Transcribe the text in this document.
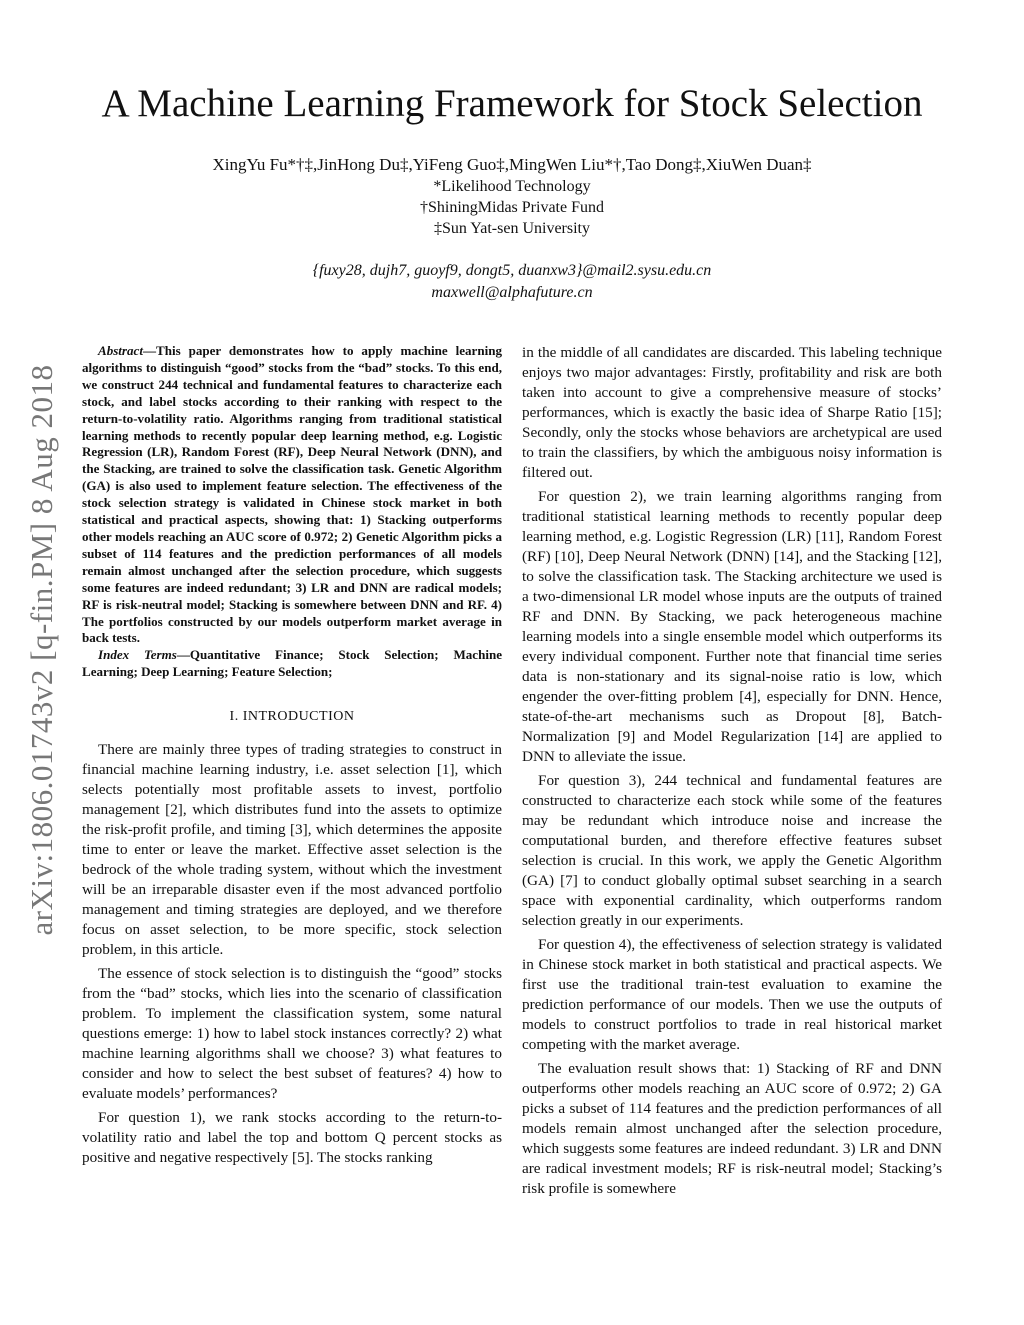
arXiv:1806.01743v2 [q-fin.PM] 8 Aug 2018
A Machine Learning Framework for Stock Selection
XingYu Fu*†‡,JinHong Du‡,YiFeng Guo‡,MingWen Liu*†,Tao Dong‡,XiuWen Duan‡
*Likelihood Technology
†ShiningMidas Private Fund
‡Sun Yat-sen University
{fuxy28, dujh7, guoyf9, dongt5, duanxw3}@mail2.sysu.edu.cn
maxwell@alphafuture.cn

Abstract—This paper demonstrates how to apply machine learning algorithms to distinguish “good” stocks from the “bad” stocks. To this end, we construct 244 technical and fundamental features to characterize each stock, and label stocks according to their ranking with respect to the return-to-volatility ratio. Algorithms ranging from traditional statistical learning methods to recently popular deep learning method, e.g. Logistic Regression (LR), Random Forest (RF), Deep Neural Network (DNN), and the Stacking, are trained to solve the classification task. Genetic Algorithm (GA) is also used to implement feature selection. The effectiveness of the stock selection strategy is validated in Chinese stock market in both statistical and practical aspects, showing that: 1) Stacking outperforms other models reaching an AUC score of 0.972; 2) Genetic Algorithm picks a subset of 114 features and the prediction performances of all models remain almost unchanged after the selection procedure, which suggests some features are indeed redundant; 3) LR and DNN are radical models; RF is risk-neutral model; Stacking is somewhere between DNN and RF. 4) The portfolios constructed by our models outperform market average in back tests.

Index Terms—Quantitative Finance; Stock Selection; Machine Learning; Deep Learning; Feature Selection;

I. INTRODUCTION

There are mainly three types of trading strategies to construct in financial machine learning industry, i.e. asset selection [1], which selects potentially most profitable assets to invest, portfolio management [2], which distributes fund into the assets to optimize the risk-profit profile, and timing [3], which determines the apposite time to enter or leave the market. Effective asset selection is the bedrock of the whole trading system, without which the investment will be an irreparable disaster even if the most advanced portfolio management and timing strategies are deployed, and we therefore focus on asset selection, to be more specific, stock selection problem, in this article.

The essence of stock selection is to distinguish the “good” stocks from the “bad” stocks, which lies into the scenario of classification problem. To implement the classification system, some natural questions emerge: 1) how to label stock instances correctly? 2) what machine learning algorithms shall we choose? 3) what features to consider and how to select the best subset of features? 4) how to evaluate models’ performances?

For question 1), we rank stocks according to the return-to-volatility ratio and label the top and bottom Q percent stocks as positive and negative respectively [5]. The stocks ranking

in the middle of all candidates are discarded. This labeling technique enjoys two major advantages: Firstly, profitability and risk are both taken into account to give a comprehensive measure of stocks’ performances, which is exactly the basic idea of Sharpe Ratio [15]; Secondly, only the stocks whose behaviors are archetypical are used to train the classifiers, by which the ambiguous noisy information is filtered out.

For question 2), we train learning algorithms ranging from traditional statistical learning methods to recently popular deep learning method, e.g. Logistic Regression (LR) [11], Random Forest (RF) [10], Deep Neural Network (DNN) [14], and the Stacking [12], to solve the classification task. The Stacking architecture we used is a two-dimensional LR model whose inputs are the outputs of trained RF and DNN. By Stacking, we pack heterogeneous machine learning models into a single ensemble model which outperforms its every individual component. Further note that financial time series data is non-stationary and its signal-noise ratio is low, which engender the over-fitting problem [4], especially for DNN. Hence, state-of-the-art mechanisms such as Dropout [8], Batch-Normalization [9] and Model Regularization [14] are applied to DNN to alleviate the issue.

For question 3), 244 technical and fundamental features are constructed to characterize each stock while some of the features may be redundant which introduce noise and increase the computational burden, and therefore effective features subset selection is crucial. In this work, we apply the Genetic Algorithm (GA) [7] to conduct globally optimal subset searching in a search space with exponential cardinality, which outperforms random selection greatly in our experiments.

For question 4), the effectiveness of selection strategy is validated in Chinese stock market in both statistical and practical aspects. We first use the traditional train-test evaluation to examine the prediction performance of our models. Then we use the outputs of models to construct portfolios to trade in real historical market competing with the market average.

The evaluation result shows that: 1) Stacking of RF and DNN outperforms other models reaching an AUC score of 0.972; 2) GA picks a subset of 114 features and the prediction performances of all models remain almost unchanged after the selection procedure, which suggests some features are indeed redundant. 3) LR and DNN are radical investment models; RF is risk-neutral model; Stacking’s risk profile is somewhere
